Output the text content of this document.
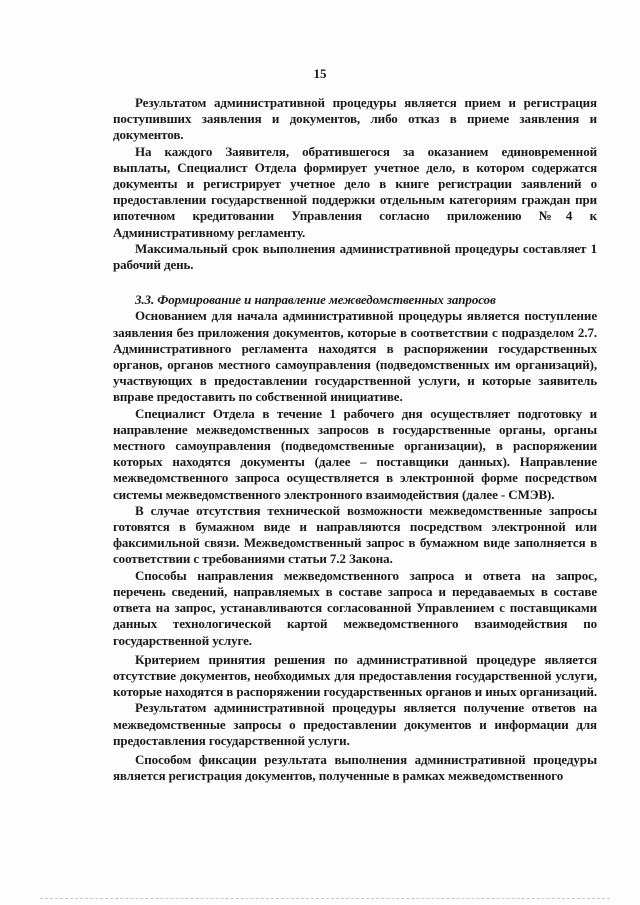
15

Результатом административной процедуры является прием и регистрация поступивших заявления и документов, либо отказ в приеме заявления и документов.

На каждого Заявителя, обратившегося за оказанием единовременной выплаты, Специалист Отдела формирует учетное дело, в котором содержатся документы и регистрирует учетное дело в книге регистрации заявлений о предоставлении государственной поддержки отдельным категориям граждан при ипотечном кредитовании Управления согласно приложению №4 к Административному регламенту.

Максимальный срок выполнения административной процедуры составляет 1 рабочий день.

3.3. Формирование и направление межведомственных запросов

Основанием для начала административной процедуры является поступление заявления без приложения документов, которые в соответствии с подразделом 2.7. Административного регламента находятся в распоряжении государственных органов, органов местного самоуправления (подведомственных им организаций), участвующих в предоставлении государственной услуги, и которые заявитель вправе предоставить по собственной инициативе.

Специалист Отдела в течение 1 рабочего дня осуществляет подготовку и направление межведомственных запросов в государственные органы, органы местного самоуправления (подведомственные организации), в распоряжении которых находятся документы (далее – поставщики данных). Направление межведомственного запроса осуществляется в электронной форме посредством системы межведомственного электронного взаимодействия (далее - СМЭВ).

В случае отсутствия технической возможности межведомственные запросы готовятся в бумажном виде и направляются посредством электронной или факсимильной связи. Межведомственный запрос в бумажном виде заполняется в соответствии с требованиями статьи 7.2 Закона.

Способы направления межведомственного запроса и ответа на запрос, перечень сведений, направляемых в составе запроса и передаваемых в составе ответа на запрос, устанавливаются согласованной Управлением с поставщиками данных технологической картой межведомственного взаимодействия по государственной услуге.

Критерием принятия решения по административной процедуре является отсутствие документов, необходимых для предоставления государственной услуги, которые находятся в распоряжении государственных органов и иных организаций.

Результатом административной процедуры является получение ответов на межведомственные запросы о предоставлении документов и информации для предоставления государственной услуги.

Способом фиксации результата выполнения административной процедуры является регистрация документов, полученные в рамках межведомственного
